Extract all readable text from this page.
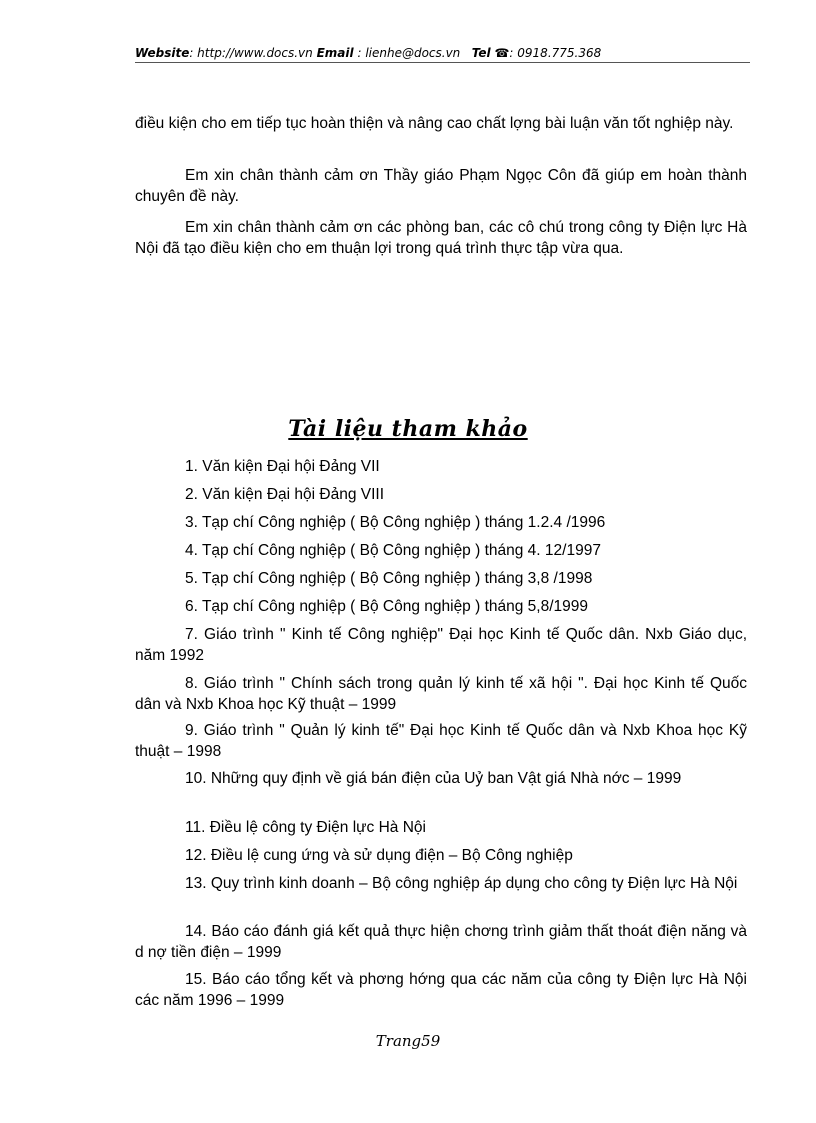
Website: http://www.docs.vn Email : lienhe@docs.vn Tel ☎: 0918.775.368
điều kiện cho em tiếp tục hoàn thiện và nâng cao chất lợng bài luận văn tốt nghiệp này.
Em xin chân thành cảm ơn Thầy giáo Phạm Ngọc Côn đã giúp em hoàn thành chuyên đề này.
Em xin chân thành cảm ơn các phòng ban, các cô chú trong công ty Điện lực Hà Nội đã tạo điều kiện cho em thuận lợi trong quá trình thực tập vừa qua.
Tài liệu tham khảo
1. Văn kiện Đại hội Đảng VII
2. Văn kiện Đại hội Đảng VIII
3. Tạp chí Công nghiệp ( Bộ Công nghiệp ) tháng 1.2.4 /1996
4. Tạp chí Công nghiệp ( Bộ Công nghiệp ) tháng 4. 12/1997
5. Tạp chí Công nghiệp ( Bộ Công nghiệp ) tháng 3,8 /1998
6. Tạp chí Công nghiệp ( Bộ Công nghiệp ) tháng 5,8/1999
7. Giáo trình " Kinh tế Công nghiệp" Đại học Kinh tế Quốc dân. Nxb Giáo dục, năm 1992
8. Giáo trình " Chính sách trong quản lý kinh tế xã hội ". Đại học Kinh tế Quốc dân và Nxb Khoa học Kỹ thuật – 1999
9. Giáo trình " Quản lý kinh tế" Đại học Kinh tế Quốc dân và Nxb Khoa học Kỹ thuật – 1998
10. Những quy định về giá bán điện của Uỷ ban Vật giá Nhà nớc – 1999
11. Điều lệ công ty Điện lực Hà Nội
12. Điều lệ cung ứng và sử dụng điện – Bộ Công nghiệp
13. Quy trình kinh doanh – Bộ công nghiệp áp dụng cho công ty Điện lực Hà Nội
14. Báo cáo đánh giá kết quả thực hiện chơng trình giảm thất thoát điện năng và d nợ tiền điện – 1999
15. Báo cáo tổng kết và phơng hớng qua các năm của công ty Điện lực Hà Nội các năm 1996 – 1999
Trang59
